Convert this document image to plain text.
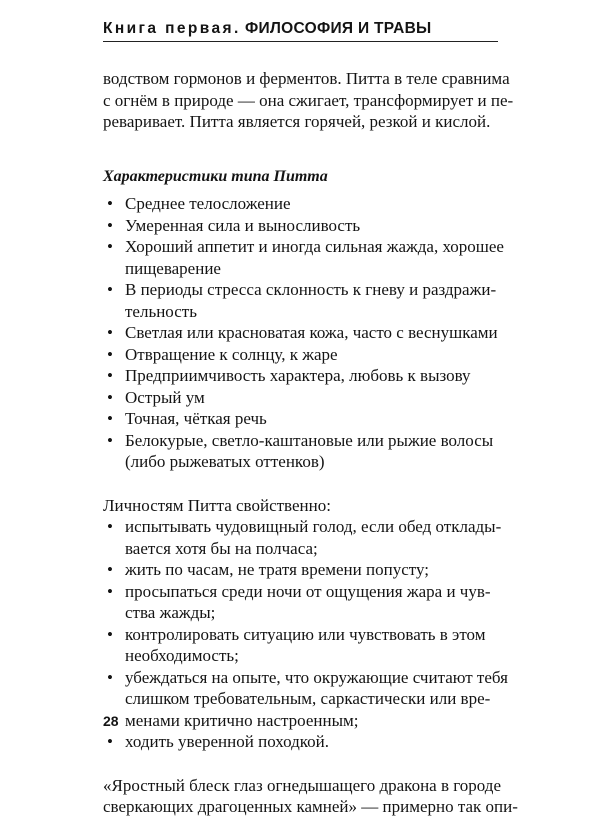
Книга первая. ФИЛОСОФИЯ И ТРАВЫ

водством гормонов и ферментов. Питта в теле сравнима
с огнём в природе — она сжигает, трансформирует и пе-
реваривает. Питта является горячей, резкой и кислой.

Характеристики типа Питта
• Среднее телосложение
• Умеренная сила и выносливость
• Хороший аппетит и иногда сильная жажда, хорошее
пищеварение
• В периоды стресса склонность к гневу и раздражи-
тельность
• Светлая или красноватая кожа, часто с веснушками
• Отвращение к солнцу, к жаре
• Предприимчивость характера, любовь к вызову
• Острый ум
• Точная, чёткая речь
• Белокурые, светло-каштановые или рыжие волосы
(либо рыжеватых оттенков)
Личностям Питта свойственно:
• испытывать чудовищный голод, если обед отклады-
вается хотя бы на полчаса;
• жить по часам, не тратя времени попусту;
• просыпаться среди ночи от ощущения жара и чув-
ства жажды;
• контролировать ситуацию или чувствовать в этом
необходимость;
• убеждаться на опыте, что окружающие считают тебя
слишком требовательным, саркастически или вре-
менами критично настроенным;
• ходить уверенной походкой.

«Яростный блеск глаз огнедышащего дракона в городе
сверкающих драгоценных камней» — примерно так опи-

28
